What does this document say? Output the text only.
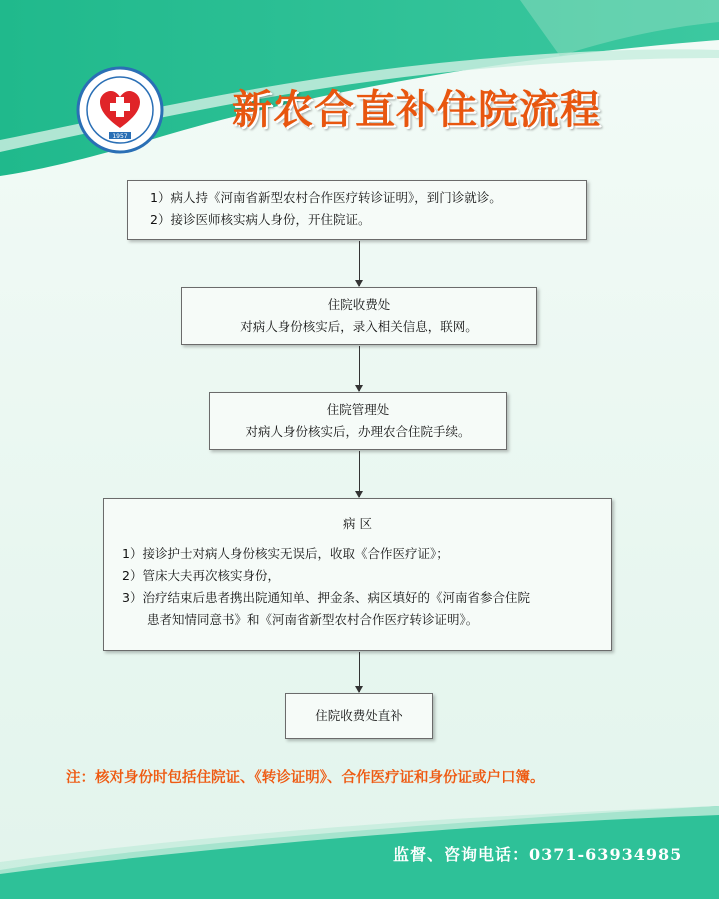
1957
新农合直补住院流程

1）病人持《河南省新型农村合作医疗转诊证明》，到门诊就诊。

2）接诊医师核实病人身份，开住院证。

住院收费处

对病人身份核实后，录入相关信息，联网。

住院管理处

对病人身份核实后，办理农合住院手续。

病 区

1）接诊护士对病人身份核实无误后，收取《合作医疗证》；

2）管床大夫再次核实身份，

3）治疗结束后患者携出院通知单、押金条、病区填好的《河南省参合住院

患者知情同意书》和《河南省新型农村合作医疗转诊证明》。

住院收费处直补

注：核对身份时包括住院证、《转诊证明》、合作医疗证和身份证或户口簿。
监督、咨询电话：0371-63934985
